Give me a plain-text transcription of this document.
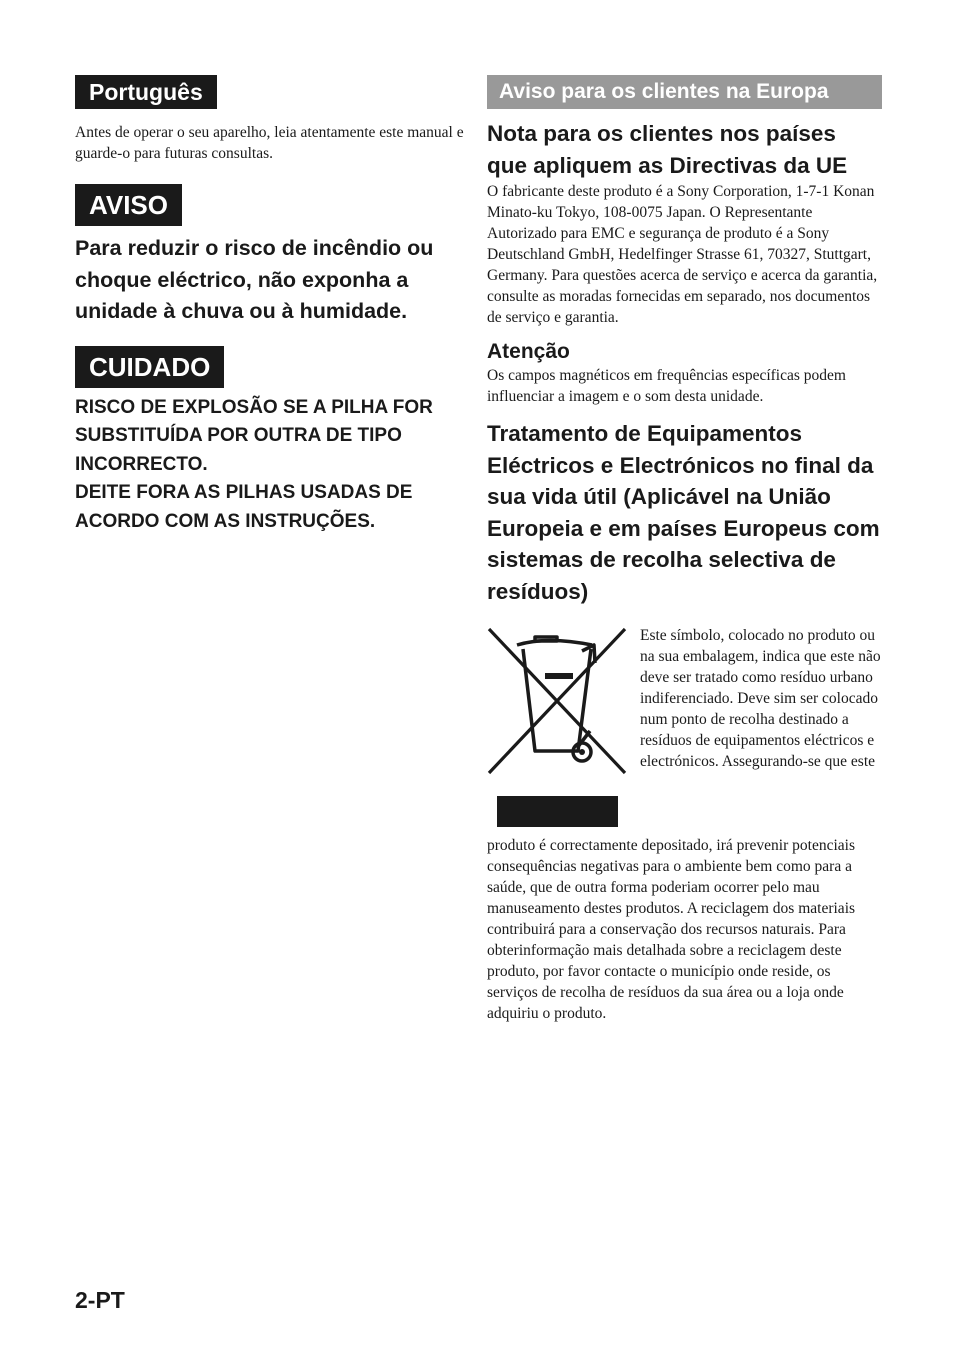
Português

Antes de operar o seu aparelho, leia atentamente este manual e guarde-o para futuras consultas.

AVISO

Para reduzir o risco de incêndio ou choque eléctrico, não exponha a unidade à chuva ou à humidade.

CUIDADO

RISCO DE EXPLOSÃO SE A PILHA FOR SUBSTITUÍDA POR OUTRA DE TIPO INCORRECTO.

DEITE FORA AS PILHAS USADAS DE ACORDO COM AS INSTRUÇÕES.

Aviso para os clientes na Europa
Nota para os clientes nos países que apliquem as Directivas da UE

O fabricante deste produto é a Sony Corporation, 1-7-1 Konan Minato-ku Tokyo, 108-0075 Japan. O Representante Autorizado para EMC e segurança de produto é a Sony Deutschland GmbH, Hedelfinger Strasse 61, 70327, Stuttgart, Germany. Para questões acerca de serviço e acerca da garantia, consulte as moradas fornecidas em separado, nos documentos de serviço e garantia.

Atenção

Os campos magnéticos em frequências específicas podem influenciar a imagem e o som desta unidade.

Tratamento de Equipamentos Eléctricos e Electrónicos no final da sua vida útil (Aplicável na União Europeia e em países Europeus com sistemas de recolha selectiva de resíduos)

Este símbolo, colocado no produto ou na sua embalagem, indica que este não deve ser tratado como resíduo urbano indiferenciado. Deve sim ser colocado num ponto de recolha destinado a resíduos de equipamentos eléctricos e electrónicos. Assegurando-se que este

produto é correctamente depositado, irá prevenir potenciais consequências negativas para o ambiente bem como para a saúde, que de outra forma poderiam ocorrer pelo mau manuseamento destes produtos. A reciclagem dos materiais contribuirá para a conservação dos recursos naturais. Para obterinformação mais detalhada sobre a reciclagem deste produto, por favor contacte o município onde reside, os serviços de recolha de resíduos da sua área ou a loja onde adquiriu o produto.

2-PT
